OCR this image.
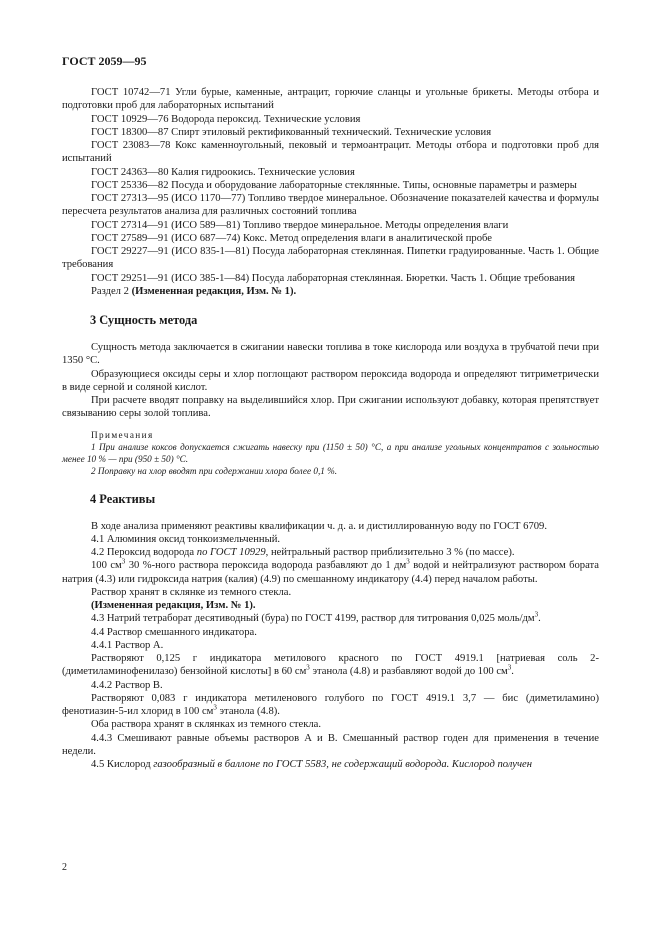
ГОСТ 2059—95

ГОСТ 10742—71 Угли бурые, каменные, антрацит, горючие сланцы и угольные брикеты. Методы отбора и подготовки проб для лабораторных испытаний

ГОСТ 10929—76 Водорода пероксид. Технические условия

ГОСТ 18300—87 Спирт этиловый ректификованный технический. Технические условия

ГОСТ 23083—78 Кокс каменноугольный, пековый и термоантрацит. Методы отбора и подготовки проб для испытаний

ГОСТ 24363—80 Калия гидроокись. Технические условия

ГОСТ 25336—82 Посуда и оборудование лабораторные стеклянные. Типы, основные параметры и размеры

ГОСТ 27313—95 (ИСО 1170—77) Топливо твердое минеральное. Обозначение показателей качества и формулы пересчета результатов анализа для различных состояний топлива

ГОСТ 27314—91 (ИСО 589—81) Топливо твердое минеральное. Методы определения влаги

ГОСТ 27589—91 (ИСО 687—74) Кокс. Метод определения влаги в аналитической пробе

ГОСТ 29227—91 (ИСО 835-1—81) Посуда лабораторная стеклянная. Пипетки градуированные. Часть 1. Общие требования

ГОСТ 29251—91 (ИСО 385-1—84) Посуда лабораторная стеклянная. Бюретки. Часть 1. Общие требования

Раздел 2 (Измененная редакция, Изм. № 1).

3 Сущность метода

Сущность метода заключается в сжигании навески топлива в токе кислорода или воздуха в трубчатой печи при 1350 °С.

Образующиеся оксиды серы и хлор поглощают раствором пероксида водорода и определяют титриметрически в виде серной и соляной кислот.

При расчете вводят поправку на выделившийся хлор. При сжигании используют добавку, которая препятствует связыванию серы золой топлива.

Примечания

1 При анализе коксов допускается сжигать навеску при (1150 ± 50) °С, а при анализе угольных концентратов с зольностью менее 10 % — при (950 ± 50) °С.

2 Поправку на хлор вводят при содержании хлора более 0,1 %.

4 Реактивы

В ходе анализа применяют реактивы квалификации ч. д. а. и дистиллированную воду по ГОСТ 6709.

4.1 Алюминия оксид тонкоизмельченный.

4.2 Пероксид водорода по ГОСТ 10929, нейтральный раствор приблизительно 3 % (по массе).

100 $см^3$ 30 %-ного раствора пероксида водорода разбавляют до 1 $дм^3$ водой и нейтрализуют раствором бората натрия (4.3) или гидроксида натрия (калия) (4.9) по смешанному индикатору (4.4) перед началом работы.

Раствор хранят в склянке из темного стекла.

(Измененная редакция, Изм. № 1).

4.3 Натрий тетраборат десятиводный (бура) по ГОСТ 4199, раствор для титрования 0,025 моль/$дм^3$.

4.4 Раствор смешанного индикатора.

4.4.1 Раствор А.

Растворяют 0,125 г индикатора метилового красного по ГОСТ 4919.1 [натриевая соль 2-(диметиламинофенилазо) бензойной кислоты] в 60 $см^3$ этанола (4.8) и разбавляют водой до 100 $см^3$.

4.4.2 Раствор В.

Растворяют 0,083 г индикатора метиленового голубого по ГОСТ 4919.1 3,7 — бис (диметиламино) фенотиазин-5-ил хлорид в 100 $см^3$ этанола (4.8).

Оба раствора хранят в склянках из темного стекла.

4.4.3 Смешивают равные объемы растворов А и В. Смешанный раствор годен для применения в течение недели.

4.5 Кислород газообразный в баллоне по ГОСТ 5583, не содержащий водорода. Кислород получен

2
